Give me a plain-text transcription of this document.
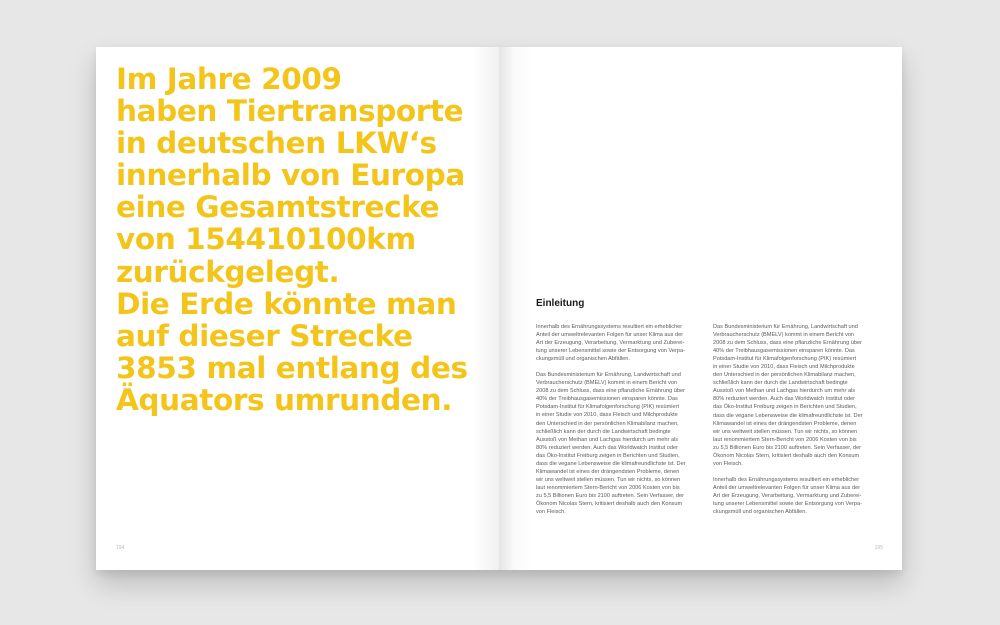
Im Jahre 2009
haben Tiertransporte
in deutschen LKW‘s
innerhalb von Europa
eine Gesamtstrecke
von 154410100km
zurückgelegt.
Die Erde könnte man
auf dieser Strecke
3853 mal entlang des
Äquators umrunden.
194
Einleitung

Innerhalb des Ernährungssystems resultiert ein erheblicher
Anteil der umweltrelevanten Folgen für unser Klima aus der
Art der Erzeugung, Verarbeitung, Vermarktung und Zuberei-
tung unserer Lebensmittel sowie der Entsorgung von Verpa-
ckungsmüll und organischen Abfällen.

Das Bundesministerium für Ernährung, Landwirtschaft und
Verbraucherschutz (BMELV) kommt in einem Bericht von
2008 zu dem Schluss, dass eine pflanzliche Ernährung über
40% der Treibhausgasemissionen einsparen könnte. Das
Potsdam-Institut für Klimafolgenforschung (PIK) resümiert
in einer Studie von 2010, dass Fleisch und Milchprodukte
den Unterschied in der persönlichen Klimabilanz machen,
schließlich kann der durch die Landwirtschaft bedingte
Ausstoß von Methan und Lachgas hierdurch um mehr als
80% reduziert werden. Auch das Worldwatch Institut oder
das Öko-Institut Freiburg zeigen in Berichten und Studien,
dass die vegane Lebensweise die klimafreundlichste ist. Der
Klimawandel ist eines der drängendsten Probleme, denen
wir uns weltweit stellen müssen. Tun wir nichts, so können
laut renommiertem Stern-Bericht von 2006 Kosten von bis
zu 5,5 Billionen Euro bis 2100 auftreten. Sein Verfasser, der
Ökonom Nicolas Stern, kritisiert deshalb auch den Konsum
von Fleisch.

Das Bundesministerium für Ernährung, Landwirtschaft und
Verbraucherschutz (BMELV) kommt in einem Bericht von
2008 zu dem Schluss, dass eine pflanzliche Ernährung über
40% der Treibhausgasemissionen einsparen könnte. Das
Potsdam-Institut für Klimafolgenforschung (PIK) resümiert
in einer Studie von 2010, dass Fleisch und Milchprodukte
den Unterschied in der persönlichen Klimabilanz machen,
schließlich kann der durch die Landwirtschaft bedingte
Ausstoß von Methan und Lachgas hierdurch um mehr als
80% reduziert werden. Auch das Worldwatch Institut oder
das Öko-Institut Freiburg zeigen in Berichten und Studien,
dass die vegane Lebensweise die klimafreundlichste ist. Der
Klimawandel ist eines der drängendsten Probleme, denen
wir uns weltweit stellen müssen. Tun wir nichts, so können
laut renommiertem Stern-Bericht von 2006 Kosten von bis
zu 5,5 Billionen Euro bis 2100 auftreten. Sein Verfasser, der
Ökonom Nicolas Stern, kritisiert deshalb auch den Konsum
von Fleisch.

Innerhalb des Ernährungssystems resultiert ein erheblicher
Anteil der umweltrelevanten Folgen für unser Klima aus der
Art der Erzeugung, Verarbeitung, Vermarktung und Zuberei-
tung unserer Lebensmittel sowie der Entsorgung von Verpa-
ckungsmüll und organischen Abfällen.

195
